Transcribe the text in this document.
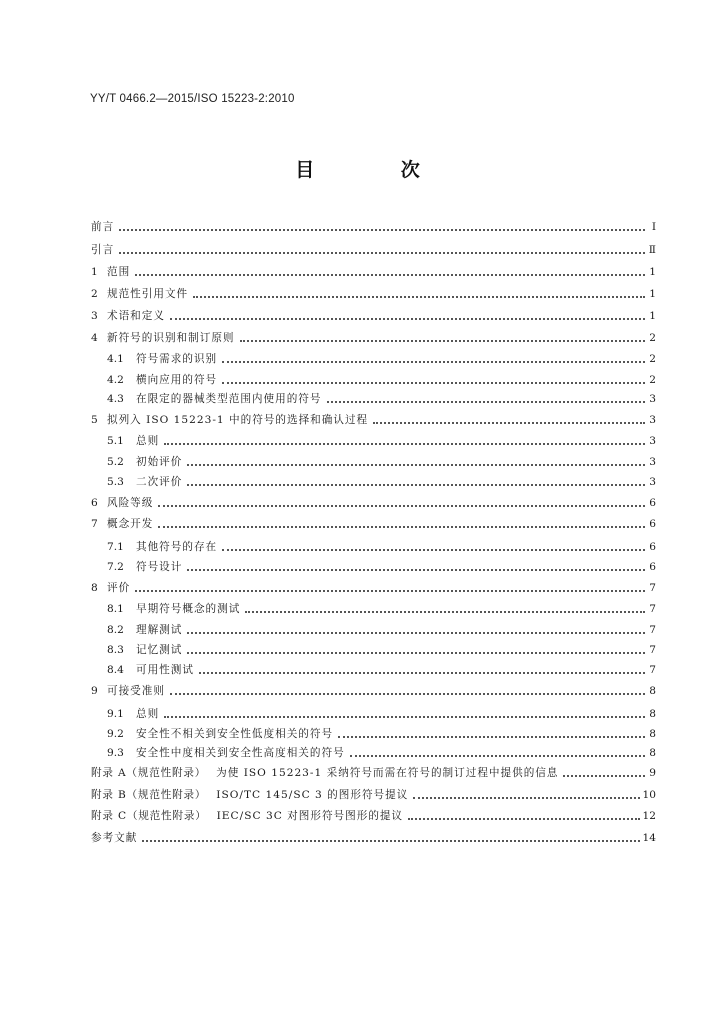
YY/T 0466.2—2015/ISO 15223-2:2010
目 次
前言	Ⅰ
引言	Ⅱ
1 范围	1
2 规范性引用文件	1
3 术语和定义	1
4 新符号的识别和制订原则	2
4.1	符号需求的识别	2
4.2	横向应用的符号	2
4.3	在限定的器械类型范围内使用的符号	3
5 拟列入 ISO 15223-1 中的符号的选择和确认过程	3
5.1	总则	3
5.2	初始评价	3
5.3	二次评价	3
6 风险等级	6
7 概念开发	6
7.1	其他符号的存在	6
7.2	符号设计	6
8 评价	7
8.1	早期符号概念的测试	7
8.2	理解测试	7
8.3	记忆测试	7
8.4	可用性测试	7
9 可接受准则	8
9.1	总则	8
9.2	安全性不相关到安全性低度相关的符号	8
9.3	安全性中度相关到安全性高度相关的符号	8
附录 A（规范性附录） 为使 ISO 15223-1 采纳符号而需在符号的制订过程中提供的信息	9
附录 B（规范性附录） ISO/TC 145/SC 3 的图形符号提议	10
附录 C（规范性附录） IEC/SC 3C 对图形符号图形的提议	12
参考文献	14
